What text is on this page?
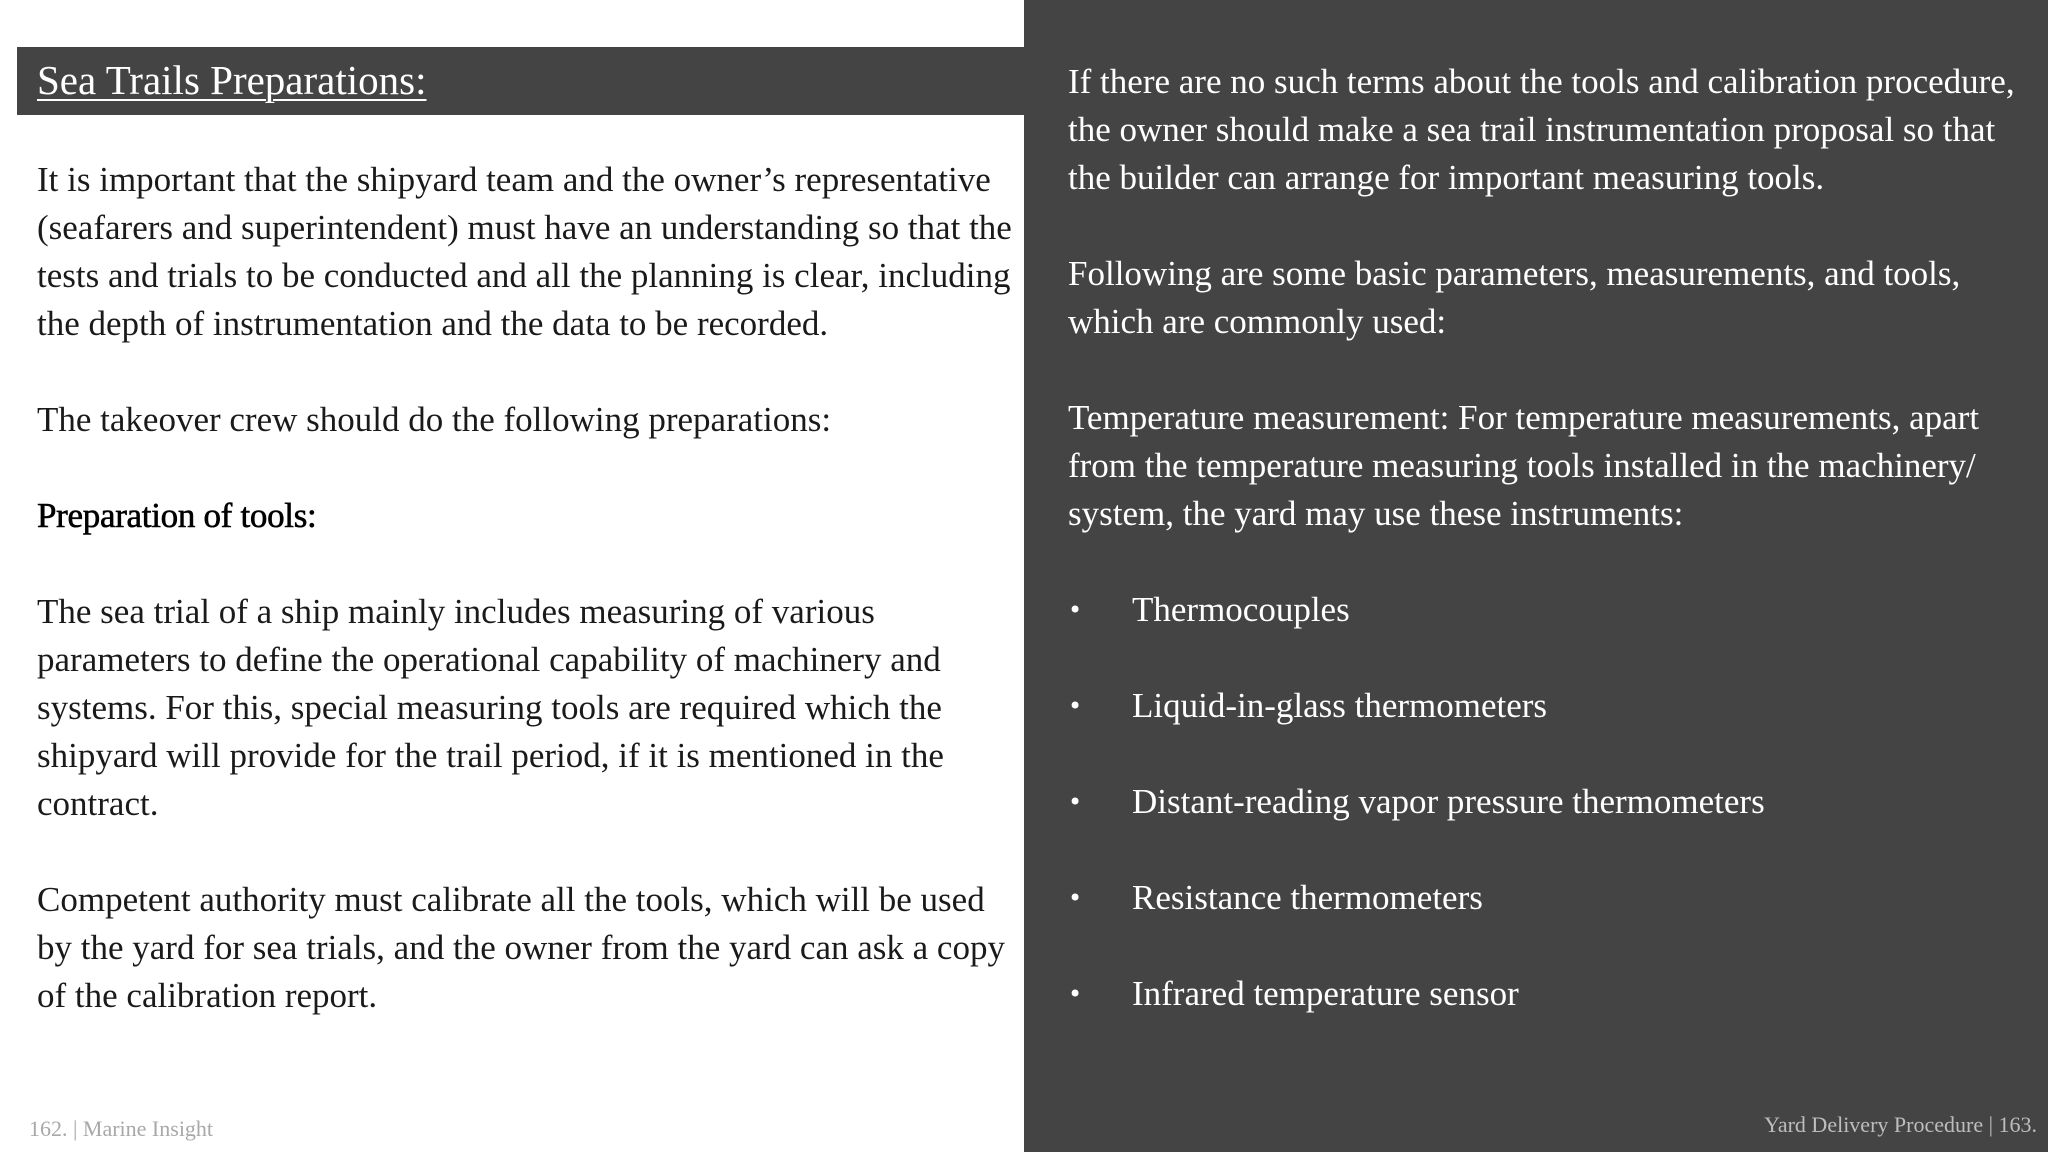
Sea Trails Preparations:

It is important that the shipyard team and the owner’s representative (seafarers and superintendent) must have an understanding so that the tests and trials to be conducted and all the planning is clear, including the depth of instrumentation and the data to be recorded.

The takeover crew should do the following preparations:

Preparation of tools:

The sea trial of a ship mainly includes measuring of various parameters to define the operational capability of machinery and systems. For this, special measuring tools are required which the shipyard will provide for the trail period, if it is mentioned in the contract.

Competent authority must calibrate all the tools, which will be used by the yard for sea trials, and the owner from the yard can ask a copy of the calibration report.

162. | Marine Insight

If there are no such terms about the tools and calibration procedure, the owner should make a sea trail instrumentation proposal so that the builder can arrange for important measuring tools.

Following are some basic parameters, measurements, and tools, which are commonly used:

Temperature measurement: For temperature measurements, apart from the temperature measuring tools installed in the machinery/ system, the yard may use these instruments:

• Thermocouples
• Liquid-in-glass thermometers
• Distant-reading vapor pressure thermometers
• Resistance thermometers
• Infrared temperature sensor
Yard Delivery Procedure | 163.
